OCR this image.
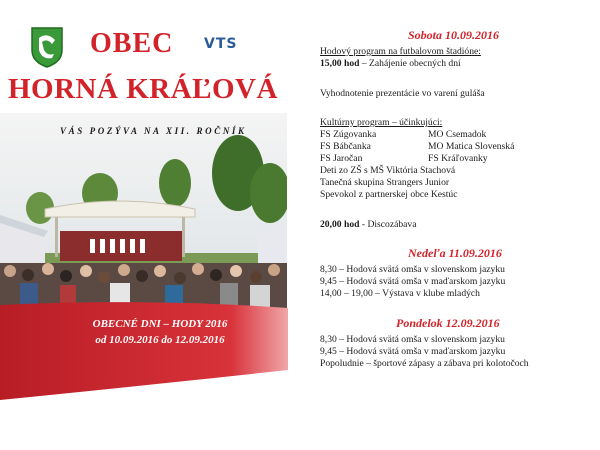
OBEC VTS
HORNÁ KRÁĽOVÁ
VÁS POZÝVA NA XII. ROČNÍK
OBECNÉ DNI – HODY 2016
od 10.09.2016 do 12.09.2016
Sobota 10.09.2016
Hodový program na futbalovom štadióne:
15,00 hod – Zahájenie obecných dní
Vyhodnotenie prezentácie vo varení guláša
Kultúrny program – účinkujúci:
FS Zúgovanka	MO Csemadok
FS Bábčanka	MO Matica Slovenská
FS Jaročan	FS Kráľovanky
Deti zo ZŠ s MŠ Viktória Stachová
Tanečná skupina Strangers Junior
Spevokol z partnerskej obce Kestúc
20,00 hod - Discozábava
Nedeľa 11.09.2016
8,30 – Hodová svätá omša v slovenskom jazyku
9,45 – Hodová svätá omša v maďarskom jazyku
14,00 – 19,00 – Výstava v klube mladých
Pondelok 12.09.2016
8,30 – Hodová svätá omša v slovenskom jazyku
9,45 – Hodová svätá omša v maďarskom jazyku
Popoludnie – športové zápasy a zábava pri kolotočoch
